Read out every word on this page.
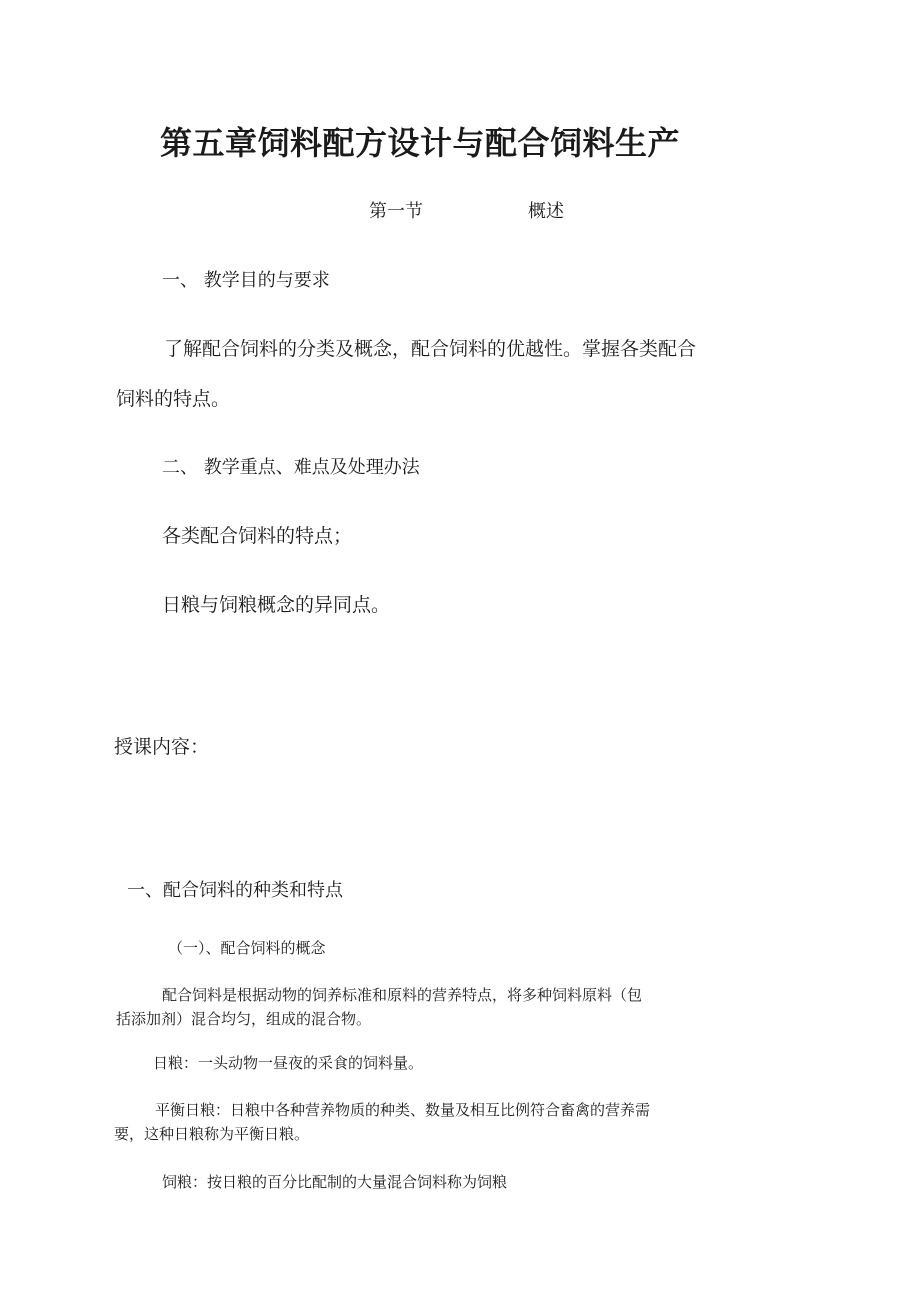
第五章饲料配方设计与配合饲料生产
第一节	概述
一、 教学目的与要求
了解配合饲料的分类及概念，配合饲料的优越性。掌握各类配合
饲料的特点。
二、 教学重点、难点及处理办法
各类配合饲料的特点；
日粮与饲粮概念的异同点。
授课内容：
一、配合饲料的种类和特点
（一）、配合饲料的概念
配合饲料是根据动物的饲养标准和原料的营养特点，将多种饲料原料（包
括添加剂）混合均匀，组成的混合物。
日粮：一头动物一昼夜的采食的饲料量。
平衡日粮：日粮中各种营养物质的种类、数量及相互比例符合畜禽的营养需
要，这种日粮称为平衡日粮。
饲粮：按日粮的百分比配制的大量混合饲料称为饲粮
